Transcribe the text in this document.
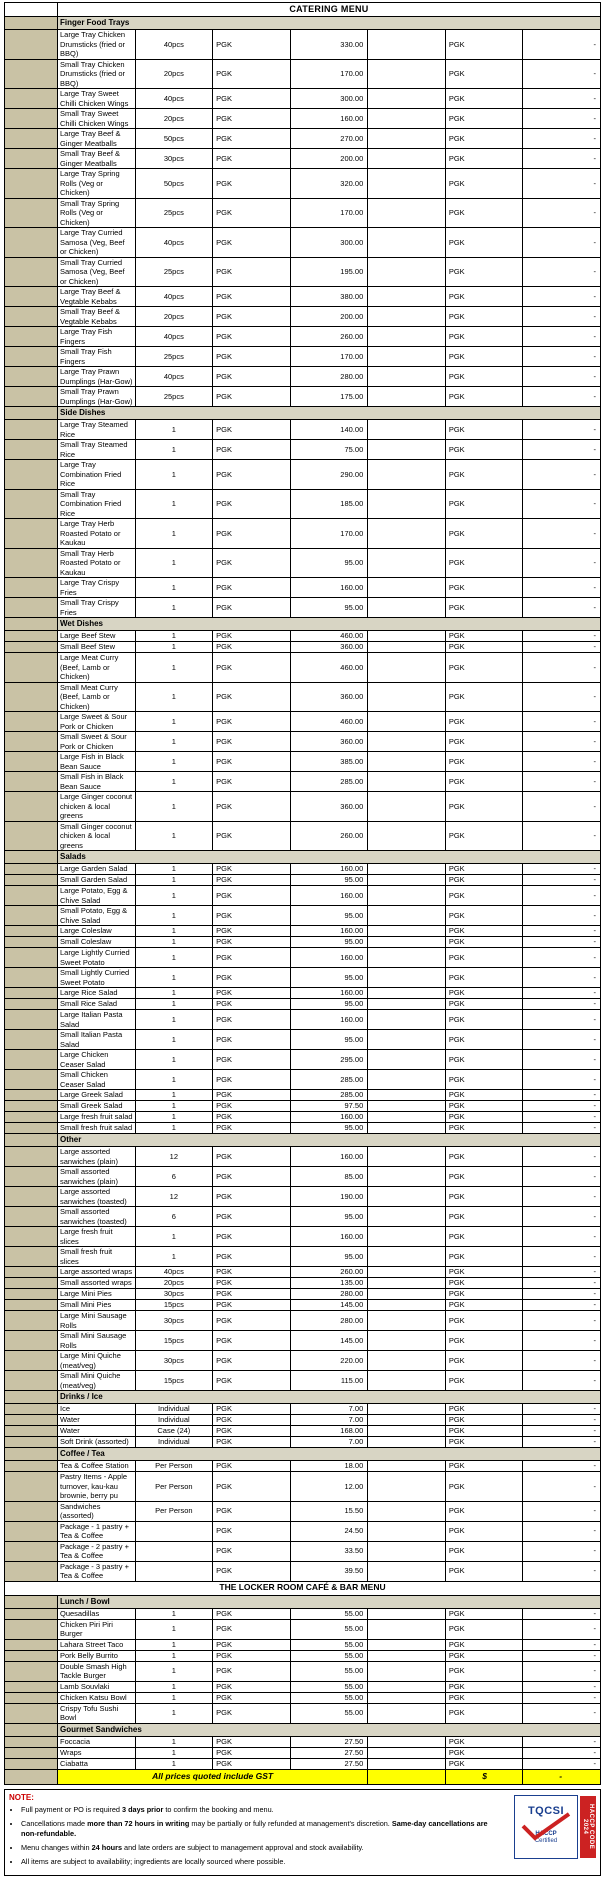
	CATERING MENU						
	Finger Food Trays						
	Large Tray Chicken Drumsticks (fried or BBQ)	40pcs	PGK	330.00		PGK	-
	Small Tray Chicken Drumsticks (fried or BBQ)	20pcs	PGK	170.00		PGK	-
	Large Tray Sweet Chilli Chicken Wings	40pcs	PGK	300.00		PGK	-
	Small Tray Sweet Chilli Chicken Wings	20pcs	PGK	160.00		PGK	-
	Large Tray Beef & Ginger Meatballs	50pcs	PGK	270.00		PGK	-
	Small Tray Beef & Ginger Meatballs	30pcs	PGK	200.00		PGK	-
	Large Tray Spring Rolls (Veg or Chicken)	50pcs	PGK	320.00		PGK	-
	Small Tray Spring Rolls (Veg or Chicken)	25pcs	PGK	170.00		PGK	-
	Large Tray Curried Samosa (Veg, Beef or Chicken)	40pcs	PGK	300.00		PGK	-
	Small Tray Curried Samosa (Veg, Beef or Chicken)	25pcs	PGK	195.00		PGK	-
	Large Tray Beef & Vegtable Kebabs	40pcs	PGK	380.00		PGK	-
	Small Tray Beef & Vegtable Kebabs	20pcs	PGK	200.00		PGK	-
	Large Tray Fish Fingers	40pcs	PGK	260.00		PGK	-
	Small Tray Fish Fingers	25pcs	PGK	170.00		PGK	-
	Large Tray Prawn Dumplings (Har-Gow)	40pcs	PGK	280.00		PGK	-
	Small Tray Prawn Dumplings (Har-Gow)	25pcs	PGK	175.00		PGK	-
	Side Dishes						
	Large Tray Steamed Rice	1	PGK	140.00		PGK	-
	Small Tray Steamed Rice	1	PGK	75.00		PGK	-
	Large Tray Combination Fried Rice	1	PGK	290.00		PGK	-
	Small Tray Combination Fried Rice	1	PGK	185.00		PGK	-
	Large Tray Herb Roasted Potato or Kaukau	1	PGK	170.00		PGK	-
	Small Tray Herb Roasted Potato or Kaukau	1	PGK	95.00		PGK	-
	Large Tray Crispy Fries	1	PGK	160.00		PGK	-
	Small Tray Crispy Fries	1	PGK	95.00		PGK	-
	Wet Dishes						
	Large Beef Stew	1	PGK	460.00		PGK	-
	Small Beef Stew	1	PGK	360.00		PGK	-
	Large Meat Curry (Beef, Lamb or Chicken)	1	PGK	460.00		PGK	-
	Small Meat Curry (Beef, Lamb or Chicken)	1	PGK	360.00		PGK	-
	Large Sweet & Sour Pork or Chicken	1	PGK	460.00		PGK	-
	Small Sweet & Sour Pork or Chicken	1	PGK	360.00		PGK	-
	Large Fish in Black Bean Sauce	1	PGK	385.00		PGK	-
	Small Fish in Black Bean Sauce	1	PGK	285.00		PGK	-
	Large Ginger coconut chicken & local greens	1	PGK	360.00		PGK	-
	Small Ginger coconut chicken & local greens	1	PGK	260.00		PGK	-
	Salads						
	Large Garden Salad	1	PGK	160.00		PGK	-
	Small Garden Salad	1	PGK	95.00		PGK	-
	Large Potato, Egg & Chive Salad	1	PGK	160.00		PGK	-
	Small Potato, Egg & Chive Salad	1	PGK	95.00		PGK	-
	Large Coleslaw	1	PGK	160.00		PGK	-
	Small Coleslaw	1	PGK	95.00		PGK	-
	Large Lightly Curried Sweet Potato	1	PGK	160.00		PGK	-
	Small Lightly Curried Sweet Potato	1	PGK	95.00		PGK	-
	Large Rice Salad	1	PGK	160.00		PGK	-
	Small Rice Salad	1	PGK	95.00		PGK	-
	Large Italian Pasta Salad	1	PGK	160.00		PGK	-
	Small Italian Pasta Salad	1	PGK	95.00		PGK	-
	Large Chicken Ceaser Salad	1	PGK	295.00		PGK	-
	Small Chicken Ceaser Salad	1	PGK	285.00		PGK	-
	Large Greek Salad	1	PGK	285.00		PGK	-
	Small Greek Salad	1	PGK	97.50		PGK	-
	Large fresh fruit salad	1	PGK	160.00		PGK	-
	Small fresh fruit salad	1	PGK	95.00		PGK	-
	Other						
	Large assorted sanwiches (plain)	12	PGK	160.00		PGK	-
	Small assorted sanwiches (plain)	6	PGK	85.00		PGK	-
	Large assorted sanwiches (toasted)	12	PGK	190.00		PGK	-
	Small assorted sanwiches (toasted)	6	PGK	95.00		PGK	-
	Large fresh fruit slices	1	PGK	160.00		PGK	-
	Small fresh fruit slices	1	PGK	95.00		PGK	-
	Large assorted wraps	40pcs	PGK	260.00		PGK	-
	Small assorted wraps	20pcs	PGK	135.00		PGK	-
	Large Mini Pies	30pcs	PGK	280.00		PGK	-
	Small Mini Pies	15pcs	PGK	145.00		PGK	-
	Large Mini Sausage Rolls	30pcs	PGK	280.00		PGK	-
	Small Mini Sausage Rolls	15pcs	PGK	145.00		PGK	-
	Large Mini Quiche (meat/veg)	30pcs	PGK	220.00		PGK	-
	Small Mini Quiche (meat/veg)	15pcs	PGK	115.00		PGK	-
	Drinks / Ice						
	Ice	Individual	PGK	7.00		PGK	-
	Water	Individual	PGK	7.00		PGK	-
	Water	Case (24)	PGK	168.00		PGK	-
	Soft Drink (assorted)	Individual	PGK	7.00		PGK	-
	Coffee / Tea						
	Tea & Coffee Station	Per Person	PGK	18.00		PGK	-
	Pastry Items - Apple turnover, kau-kau brownie, berry pu	Per Person	PGK	12.00		PGK	-
	Sandwiches (assorted)	Per Person	PGK	15.50		PGK	-
	Package - 1 pastry + Tea & Coffee		PGK	24.50		PGK	-
	Package - 2 pastry + Tea & Coffee		PGK	33.50		PGK	-
	Package - 3 pastry + Tea & Coffee		PGK	39.50		PGK	-
THE LOCKER ROOM CAFÉ & BAR MENU							
	Lunch / Bowl						
	Quesadillas	1	PGK	55.00		PGK	-
	Chicken Piri Piri Burger	1	PGK	55.00		PGK	-
	Lahara Street Taco	1	PGK	55.00		PGK	-
	Pork Belly Burrito	1	PGK	55.00		PGK	-
	Double Smash High Tackle Burger	1	PGK	55.00		PGK	-
	Lamb Souvlaki	1	PGK	55.00		PGK	-
	Chicken Katsu Bowl	1	PGK	55.00		PGK	-
	Crispy Tofu Sushi Bowl	1	PGK	55.00		PGK	-
	Gourmet Sandwiches						
	Foccacia	1	PGK	27.50		PGK	-
	Wraps	1	PGK	27.50		PGK	-
	Ciabatta	1	PGK	27.50		PGK	-
	All prices quoted include GST					$	-
NOTE:
• Full payment or PO is required 3 days prior to confirm the booking and menu.
• Cancellations made more than 72 hours in writing may be partially or fully refunded at management's discretion. Same-day cancellations are non-refundable.
• Menu changes within 24 hours and late orders are subject to management approval and stock availability.
• All items are subject to availability; ingredients are locally sourced where possible.
TQCSI
HACCP
Certified	HACCP CODE 2024
